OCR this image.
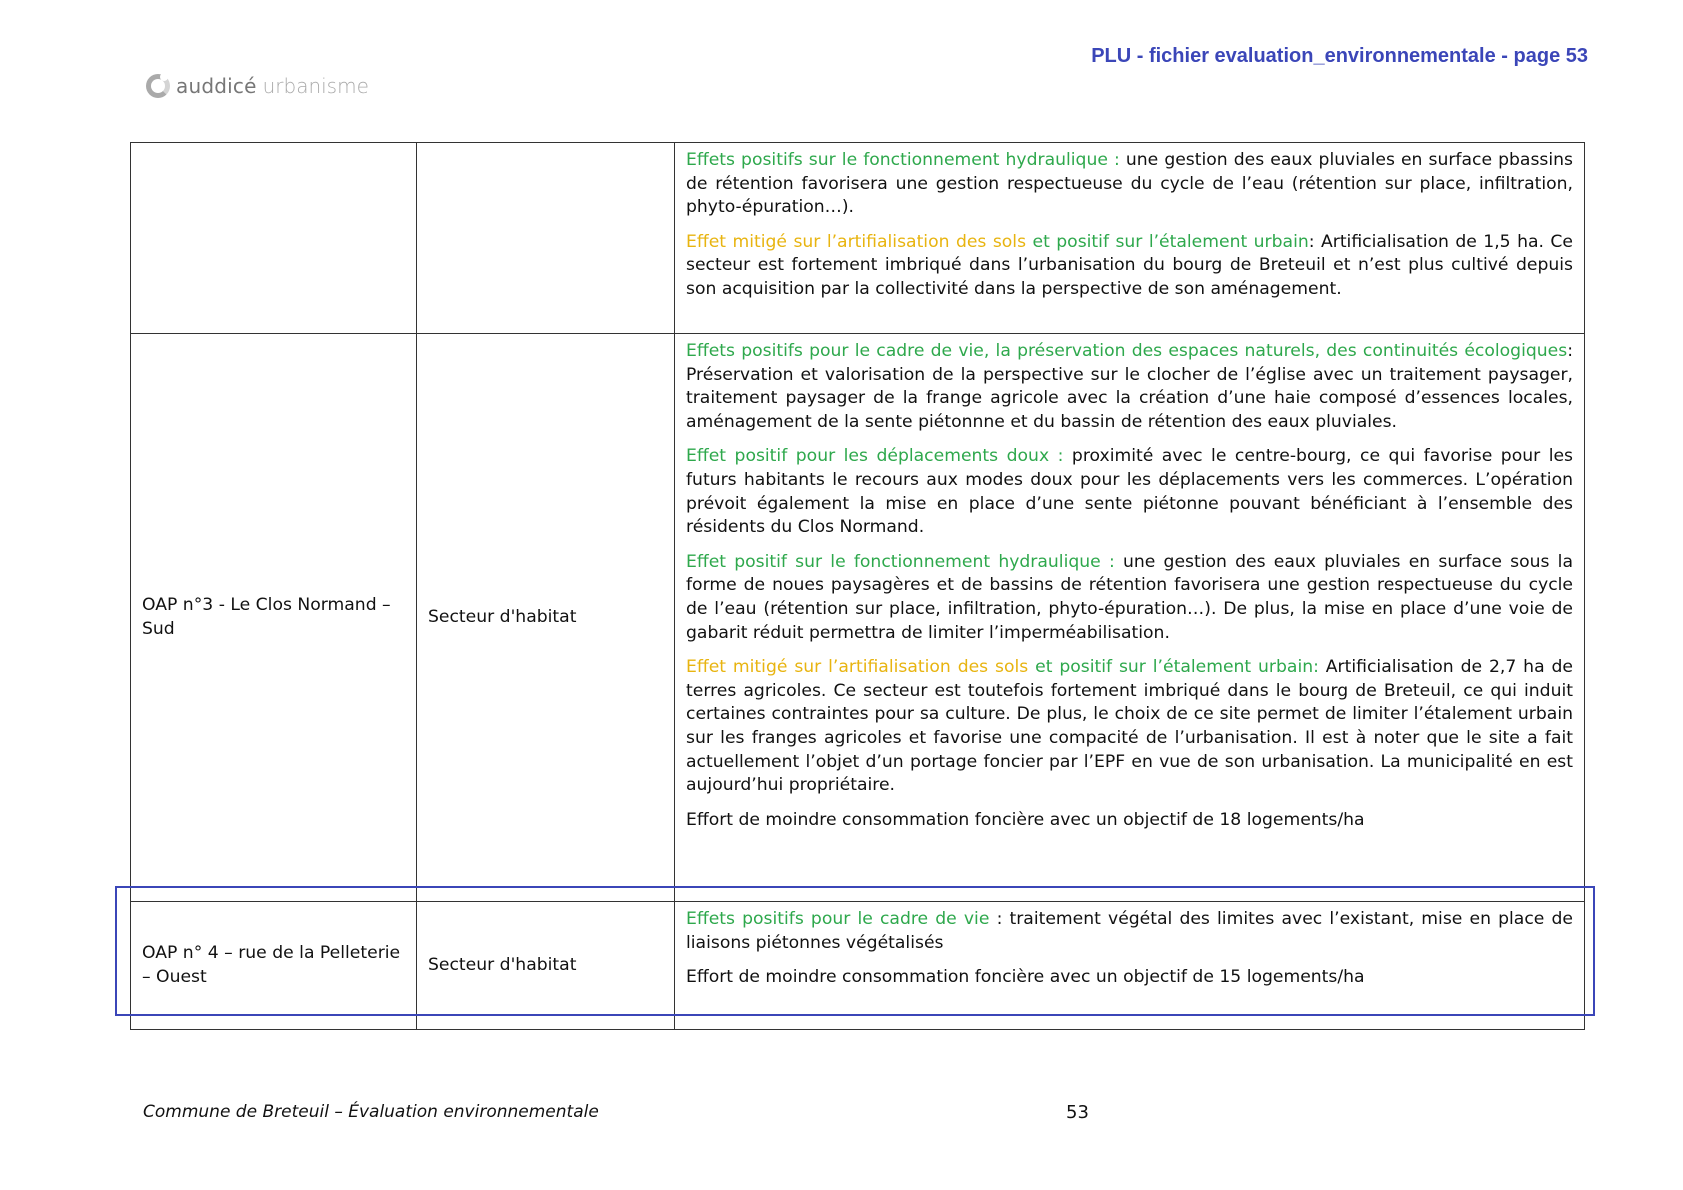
PLU - fichier evaluation_environnementale - page 53
auddicé urbanisme

		Effets positifs sur le fonctionnement hydraulique : une gestion des eaux pluviales en surface pbassins de rétention favorisera une gestion respectueuse du cycle de l’eau (rétention sur place, infiltration, phyto-épuration…).

Effet mitigé sur l’artifialisation des sols et positif sur l’étalement urbain: Artificialisation de 1,5 ha. Ce secteur est fortement imbriqué dans l’urbanisation du bourg de Breteuil et n’est plus cultivé depuis son acquisition par la collectivité dans la perspective de son aménagement.

OAP n°3 - Le Clos Normand – Sud	Secteur d'habitat	Effets positifs pour le cadre de vie, la préservation des espaces naturels, des continuités écologiques: Préservation et valorisation de la perspective sur le clocher de l’église avec un traitement paysager, traitement paysager de la frange agricole avec la création d’une haie composé d’essences locales, aménagement de la sente piétonnne et du bassin de rétention des eaux pluviales.

Effet positif pour les déplacements doux : proximité avec le centre-bourg, ce qui favorise pour les futurs habitants le recours aux modes doux pour les déplacements vers les commerces. L’opération prévoit également la mise en place d’une sente piétonne pouvant bénéficiant à l’ensemble des résidents du Clos Normand.

Effet positif sur le fonctionnement hydraulique : une gestion des eaux pluviales en surface sous la forme de noues paysagères et de bassins de rétention favorisera une gestion respectueuse du cycle de l’eau (rétention sur place, infiltration, phyto-épuration…). De plus, la mise en place d’une voie de gabarit réduit permettra de limiter l’imperméabilisation.

Effet mitigé sur l’artifialisation des sols et positif sur l’étalement urbain: Artificialisation de 2,7 ha de terres agricoles. Ce secteur est toutefois fortement imbriqué dans le bourg de Breteuil, ce qui induit certaines contraintes pour sa culture. De plus, le choix de ce site permet de limiter l’étalement urbain sur les franges agricoles et favorise une compacité de l’urbanisation. Il est à noter que le site a fait actuellement l’objet d’un portage foncier par l’EPF en vue de son urbanisation. La municipalité en est aujourd’hui propriétaire.

Effort de moindre consommation foncière avec un objectif de 18 logements/ha

OAP n° 4 – rue de la Pelleterie – Ouest	Secteur d'habitat	Effets positifs pour le cadre de vie : traitement végétal des limites avec l’existant, mise en place de liaisons piétonnes végétalisés

Effort de moindre consommation foncière avec un objectif de 15 logements/ha

Commune de Breteuil – Évaluation environnementale	53
